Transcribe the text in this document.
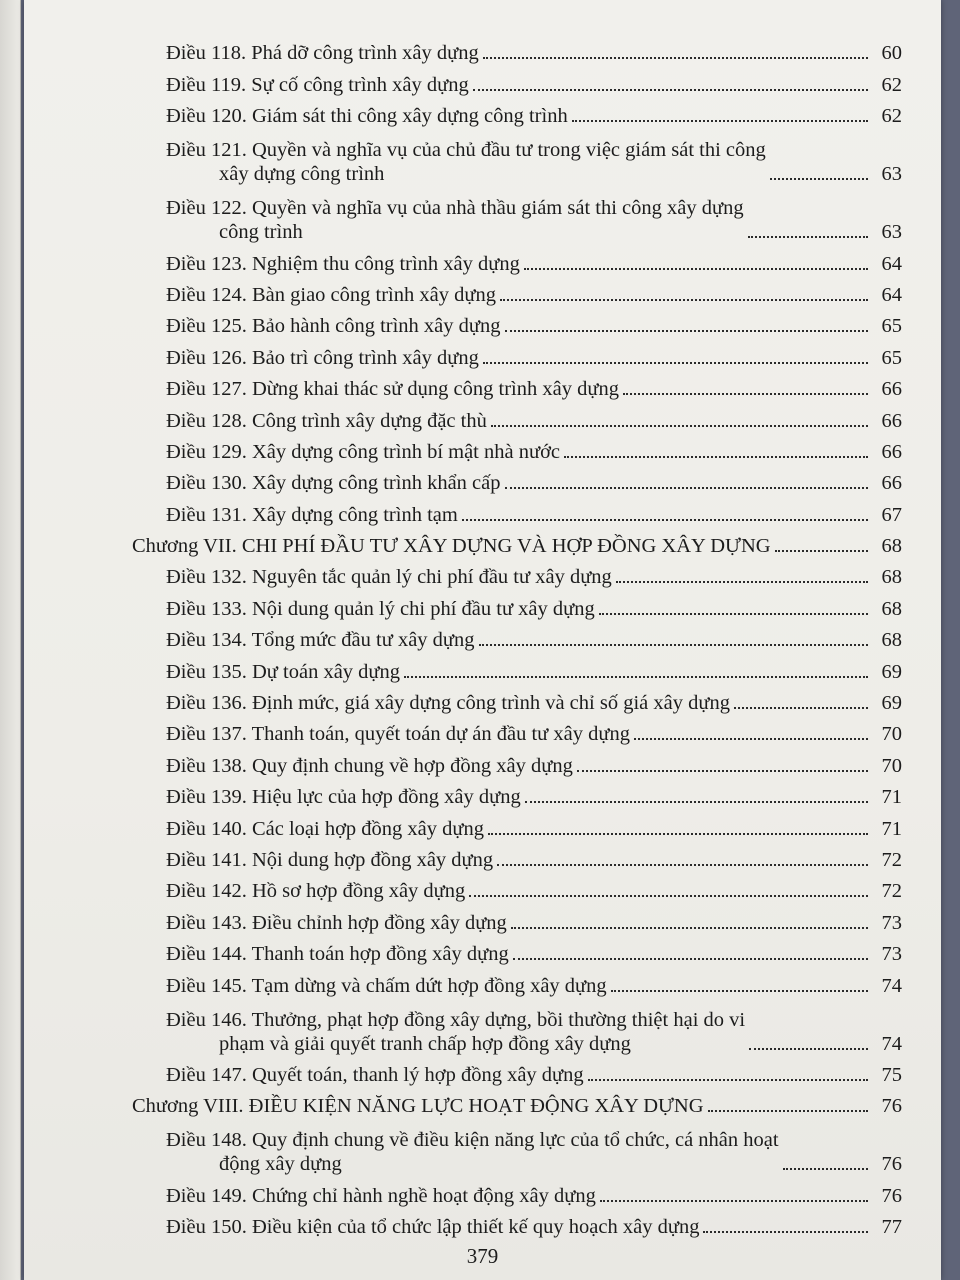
Điều 118. Phá dỡ công trình xây dựng	60
Điều 119. Sự cố công trình xây dựng	62
Điều 120. Giám sát thi công xây dựng công trình	62
Điều 121. Quyền và nghĩa vụ của chủ đầu tư trong việc giám sát thi công
xây dựng công trình	63
Điều 122. Quyền và nghĩa vụ của nhà thầu giám sát thi công xây dựng
công trình	63
Điều 123. Nghiệm thu công trình xây dựng	64
Điều 124. Bàn giao công trình xây dựng	64
Điều 125. Bảo hành công trình xây dựng	65
Điều 126. Bảo trì công trình xây dựng	65
Điều 127. Dừng khai thác sử dụng công trình xây dựng	66
Điều 128. Công trình xây dựng đặc thù	66
Điều 129. Xây dựng công trình bí mật nhà nước	66
Điều 130. Xây dựng công trình khẩn cấp	66
Điều 131. Xây dựng công trình tạm	67
Chương VII. CHI PHÍ ĐẦU TƯ XÂY DỰNG VÀ HỢP ĐỒNG XÂY DỰNG	68
Điều 132. Nguyên tắc quản lý chi phí đầu tư xây dựng	68
Điều 133. Nội dung quản lý chi phí đầu tư xây dựng	68
Điều 134. Tổng mức đầu tư xây dựng	68
Điều 135. Dự toán xây dựng	69
Điều 136. Định mức, giá xây dựng công trình và chỉ số giá xây dựng	69
Điều 137. Thanh toán, quyết toán dự án đầu tư xây dựng	70
Điều 138. Quy định chung về hợp đồng xây dựng	70
Điều 139. Hiệu lực của hợp đồng xây dựng	71
Điều 140. Các loại hợp đồng xây dựng	71
Điều 141. Nội dung hợp đồng xây dựng	72
Điều 142. Hồ sơ hợp đồng xây dựng	72
Điều 143. Điều chỉnh hợp đồng xây dựng	73
Điều 144. Thanh toán hợp đồng xây dựng	73
Điều 145. Tạm dừng và chấm dứt hợp đồng xây dựng	74
Điều 146. Thưởng, phạt hợp đồng xây dựng, bồi thường thiệt hại do vi
phạm và giải quyết tranh chấp hợp đồng xây dựng	74
Điều 147. Quyết toán, thanh lý hợp đồng xây dựng	75
Chương VIII. ĐIỀU KIỆN NĂNG LỰC HOẠT ĐỘNG XÂY DỰNG	76
Điều 148. Quy định chung về điều kiện năng lực của tổ chức, cá nhân hoạt
động xây dựng	76
Điều 149. Chứng chỉ hành nghề hoạt động xây dựng	76
Điều 150. Điều kiện của tổ chức lập thiết kế quy hoạch xây dựng	77
379
